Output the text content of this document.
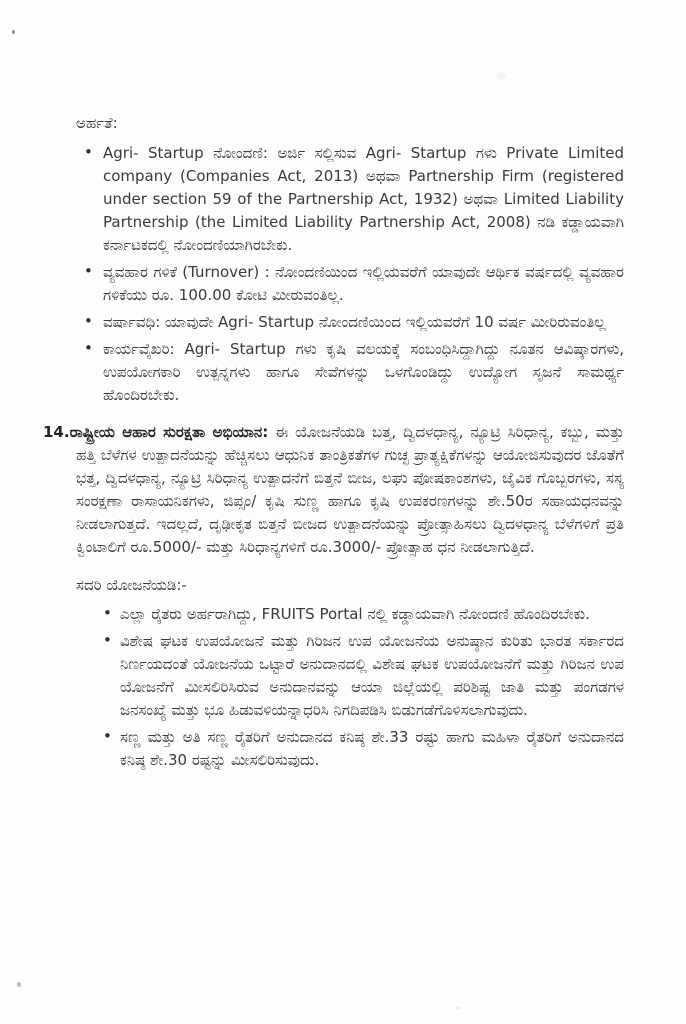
ಅರ್ಹತೆ:

• Agri- Startup ನೋಂದಣಿ: ಅರ್ಜಿ ಸಲ್ಲಿಸುವ Agri- Startup ಗಳು Private Limited company (Companies Act, 2013) ಅಥವಾ Partnership Firm (registered under section 59 of the Partnership Act, 1932) ಅಥವಾ Limited Liability Partnership (the Limited Liability Partnership Act, 2008) ನಡಿ ಕಡ್ಡಾಯವಾಗಿ ಕರ್ನಾಟಕದಲ್ಲಿ ನೋಂದಣಿಯಾಗಿರಬೇಕು.
• ವ್ಯವಹಾರ ಗಳಿಕೆ (Turnover) : ನೋಂದಣಿಯಿಂದ ಇಲ್ಲಿಯವರೆಗೆ ಯಾವುದೇ ಆರ್ಥಿಕ ವರ್ಷದಲ್ಲಿ ವ್ಯವಹಾರ ಗಳಿಕೆಯು ರೂ. 100.00 ಕೋಟಿ ಮೀರುವಂತಿಲ್ಲ.
• ವರ್ಷಾವಧಿ: ಯಾವುದೇ Agri- Startup ನೋಂದಣಿಯಿಂದ ಇಲ್ಲಿಯವರೆಗೆ 10 ವರ್ಷ ಮೀರಿರುವಂತಿಲ್ಲ
• ಕಾರ್ಯವೈಖರಿ: Agri- Startup ಗಳು ಕೃಷಿ ವಲಯಕ್ಕೆ ಸಂಬಂಧಿಸಿದ್ದಾಗಿದ್ದು ನೂತನ ಆವಿಷ್ಕಾರಗಳು, ಉಪಯೋಗಕಾರಿ ಉತ್ಪನ್ನಗಳು ಹಾಗೂ ಸೇವೆಗಳನ್ನು ಒಳಗೊಂಡಿದ್ದು ಉದ್ಯೋಗ ಸೃಜನೆ ಸಾಮರ್ಥ್ಯ ಹೊಂದಿರಬೇಕು.

14.ರಾಷ್ಟ್ರೀಯ ಆಹಾರ ಸುರಕ್ಷತಾ ಅಭಿಯಾನ: ಈ ಯೋಜನೆಯಡಿ ಬತ್ತ, ದ್ವಿದಳಧಾನ್ಯ, ನ್ಯೂಟ್ರಿ ಸಿರಿಧಾನ್ಯ, ಕಬ್ಬು, ಮತ್ತು ಹತ್ತಿ ಬೆಳೆಗಳ ಉತ್ಪಾದನೆಯನ್ನು ಹೆಚ್ಚಿಸಲು ಆಧುನಿಕ ತಾಂತ್ರಿಕತೆಗಳ ಗುಚ್ಛ ಪ್ರಾತ್ಯಕ್ಷಿಕೆಗಳನ್ನು ಆಯೋಜಿಸುವುದರ ಜೊತೆಗೆ ಭತ್ತ, ದ್ವಿದಳಧಾನ್ಯ, ನ್ಯೂಟ್ರಿ ಸಿರಿಧಾನ್ಯ ಉತ್ಪಾದನೆಗೆ ಬಿತ್ತನೆ ಬೀಜ, ಲಘು ಪೋಷಕಾಂಶಗಳು, ಜೈವಿಕ ಗೊಬ್ಬರಗಳು, ಸಸ್ಯ ಸಂರಕ್ಷಣಾ ರಾಸಾಯನಿಕಗಳು, ಜಿಪ್ಸಂ/ ಕೃಷಿ ಸುಣ್ಣ ಹಾಗೂ ಕೃಷಿ ಉಪಕರಣಗಳನ್ನು ಶೇ.50ರ ಸಹಾಯಧನವನ್ನು ನೀಡಲಾಗುತ್ತದೆ. ಇದಲ್ಲದೆ, ದೃಢೀಕೃತ ಬಿತ್ತನೆ ಬೀಜದ ಉತ್ಪಾದನೆಯನ್ನು ಪ್ರೋತ್ಸಾಹಿಸಲು ದ್ವಿದಳಧಾನ್ಯ ಬೆಳೆಗಳಿಗೆ ಪ್ರತಿ ಕ್ವಿಂಟಾಲಿಗೆ ರೂ.5000/- ಮತ್ತು ಸಿರಿಧಾನ್ಯಗಳಿಗೆ ರೂ.3000/- ಪ್ರೋತ್ಸಾಹ ಧನ ನೀಡಲಾಗುತ್ತಿದೆ.

ಸದರಿ ಯೋಜನೆಯಡಿ:-

• ಎಲ್ಲಾ ರೈತರು ಅರ್ಹರಾಗಿದ್ದು, FRUITS Portal ನಲ್ಲಿ ಕಡ್ಡಾಯವಾಗಿ ನೋಂದಣಿ ಹೊಂದಿರಬೇಕು.
• ವಿಶೇಷ ಘಟಕ ಉಪಯೋಜನೆ ಮತ್ತು ಗಿರಿಜನ ಉಪ ಯೋಜನೆಯ ಅನುಷ್ಠಾನ ಕುರಿತು ಭಾರತ ಸರ್ಕಾರದ ನಿರ್ಣಯದಂತೆ ಯೋಜನೆಯ ಒಟ್ಟಾರೆ ಅನುದಾನದಲ್ಲಿ ವಿಶೇಷ ಘಟಕ ಉಪಯೋಜನೆಗೆ ಮತ್ತು ಗಿರಿಜನ ಉಪ ಯೋಜನೆಗೆ ಮೀಸಲಿರಿಸಿರುವ ಅನುದಾನವನ್ನು ಆಯಾ ಜಿಲ್ಲೆಯಲ್ಲಿ ಪರಿಶಿಷ್ಟ ಜಾತಿ ಮತ್ತು ಪಂಗಡಗಳ ಜನಸಂಖ್ಯೆ ಮತ್ತು ಭೂ ಹಿಡುವಳಿಯನ್ನಾಧರಿಸಿ ನಿಗದಿಪಡಿಸಿ ಬಿಡುಗಡೆಗೊಳಿಸಲಾಗುವುದು.
• ಸಣ್ಣ ಮತ್ತು ಅತಿ ಸಣ್ಣ ರೈತರಿಗೆ ಅನುದಾನದ ಕನಿಷ್ಠ ಶೇ.33 ರಷ್ಟು ಹಾಗು ಮಹಿಳಾ ರೈತರಿಗೆ ಅನುದಾನದ ಕನಿಷ್ಠ ಶೇ.30 ರಷ್ಟನ್ನು ಮೀಸಲಿರಿಸುವುದು.
